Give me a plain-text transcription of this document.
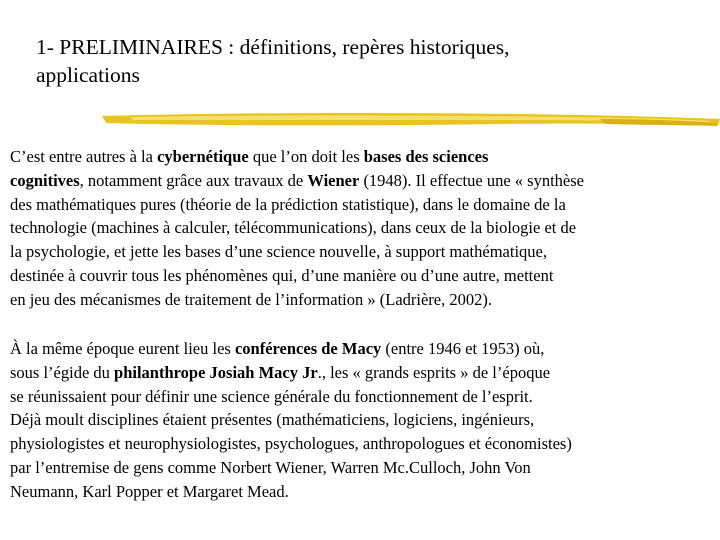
1- PRELIMINAIRES : définitions, repères historiques,
applications

C’est entre autres à la cybernétique que l’on doit les bases des sciences
cognitives, notamment grâce aux travaux de Wiener (1948). Il effectue une « synthèse
des mathématiques pures (théorie de la prédiction statistique), dans le domaine de la
technologie (machines à calculer, télécommunications), dans ceux de la biologie et de
la psychologie, et jette les bases d’une science nouvelle, à support mathématique,
destinée à couvrir tous les phénomènes qui, d’une manière ou d’une autre, mettent
en jeu des mécanismes de traitement de l’information » (Ladrière, 2002).

À la même époque eurent lieu les conférences de Macy (entre 1946 et 1953) où,
sous l’égide du philanthrope Josiah Macy Jr., les « grands esprits » de l’époque
se réunissaient pour définir une science générale du fonctionnement de l’esprit.
Déjà moult disciplines étaient présentes (mathématiciens, logiciens, ingénieurs,
physiologistes et neurophysiologistes, psychologues, anthropologues et économistes)
par l’entremise de gens comme Norbert Wiener, Warren Mc.Culloch, John Von
Neumann, Karl Popper et Margaret Mead.
